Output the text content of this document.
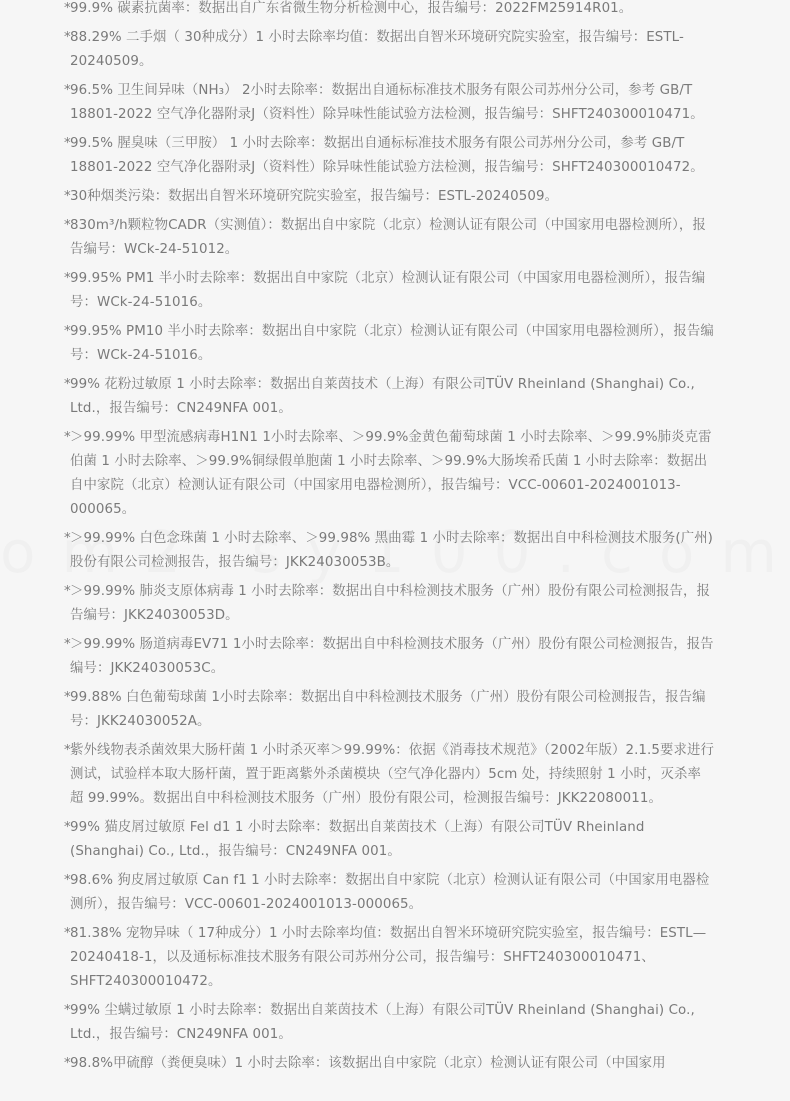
* 99.9% 碳素抗菌率：数据出自广东省微生物分析检测中心，报告编号：2022FM25914R01。
* 88.29% 二手烟（ 30种成分）1 小时去除率均值：数据出自智米环境研究院实验室，报告编号：ESTL-20240509。
* 96.5% 卫生间异味（NH₃） 2小时去除率：数据出自通标标准技术服务有限公司苏州分公司，参考 GB/T 18801-2022 空气净化器附录J（资料性）除异味性能试验方法检测，报告编号：SHFT240300010471。
* 99.5% 腥臭味（三甲胺） 1 小时去除率：数据出自通标标准技术服务有限公司苏州分公司，参考 GB/T 18801-2022 空气净化器附录J（资料性）除异味性能试验方法检测，报告编号：SHFT240300010472。
* 30种烟类污染：数据出自智米环境研究院实验室，报告编号：ESTL-20240509。
* 830m³/h颗粒物CADR（实测值）：数据出自中家院（北京）检测认证有限公司（中国家用电器检测所），报告编号：WCk-24-51012。
* 99.95% PM1 半小时去除率：数据出自中家院（北京）检测认证有限公司（中国家用电器检测所），报告编号：WCk-24-51016。
* 99.95% PM10 半小时去除率：数据出自中家院（北京）检测认证有限公司（中国家用电器检测所），报告编号：WCk-24-51016。
* 99% 花粉过敏原 1 小时去除率：数据出自莱茵技术（上海）有限公司TÜV Rheinland (Shanghai) Co., Ltd.，报告编号：CN249NFA 001。
* ＞99.99% 甲型流感病毒H1N1 1小时去除率、＞99.9%金黄色葡萄球菌 1 小时去除率、＞99.9%肺炎克雷伯菌 1 小时去除率、＞99.9%铜绿假单胞菌 1 小时去除率、＞99.9%大肠埃希氏菌 1 小时去除率：数据出自中家院（北京）检测认证有限公司（中国家用电器检测所），报告编号：VCC-00601-2024001013-000065。
* ＞99.99% 白色念珠菌 1 小时去除率、＞99.98% 黑曲霉 1 小时去除率：数据出自中科检测技术服务(广州)股份有限公司检测报告，报告编号：JKK24030053B。
* ＞99.99% 肺炎支原体病毒 1 小时去除率：数据出自中科检测技术服务（广州）股份有限公司检测报告，报告编号：JKK24030053D。
* ＞99.99% 肠道病毒EV71 1小时去除率：数据出自中科检测技术服务（广州）股份有限公司检测报告，报告编号：JKK24030053C。
* 99.88% 白色葡萄球菌 1小时去除率：数据出自中科检测技术服务（广州）股份有限公司检测报告，报告编号：JKK24030052A。
* 紫外线物表杀菌效果大肠杆菌 1 小时杀灭率＞99.99%：依据《消毒技术规范》（2002年版）2.1.5要求进行测试，试验样本取大肠杆菌，置于距离紫外杀菌模块（空气净化器内）5cm 处，持续照射 1 小时，灭杀率超 99.99%。数据出自中科检测技术服务（广州）股份有限公司，检测报告编号：JKK22080011。
* 99% 猫皮屑过敏原 Fel d1 1 小时去除率：数据出自莱茵技术（上海）有限公司TÜV Rheinland (Shanghai) Co., Ltd.，报告编号：CN249NFA 001。
* 98.6% 狗皮屑过敏原 Can f1 1 小时去除率：数据出自中家院（北京）检测认证有限公司（中国家用电器检测所），报告编号：VCC-00601-2024001013-000065。
* 81.38% 宠物异味（ 17种成分）1 小时去除率均值：数据出自智米环境研究院实验室，报告编号：ESTL—20240418-1，以及通标标准技术服务有限公司苏州分公司，报告编号：SHFT240300010471、SHFT240300010472。
* 99% 尘螨过敏原 1 小时去除率：数据出自莱茵技术（上海）有限公司TÜV Rheinland (Shanghai) Co., Ltd.，报告编号：CN249NFA 001。
* 98.8%甲硫醇（粪便臭味）1 小时去除率：该数据出自中家院（北京）检测认证有限公司（中国家用
